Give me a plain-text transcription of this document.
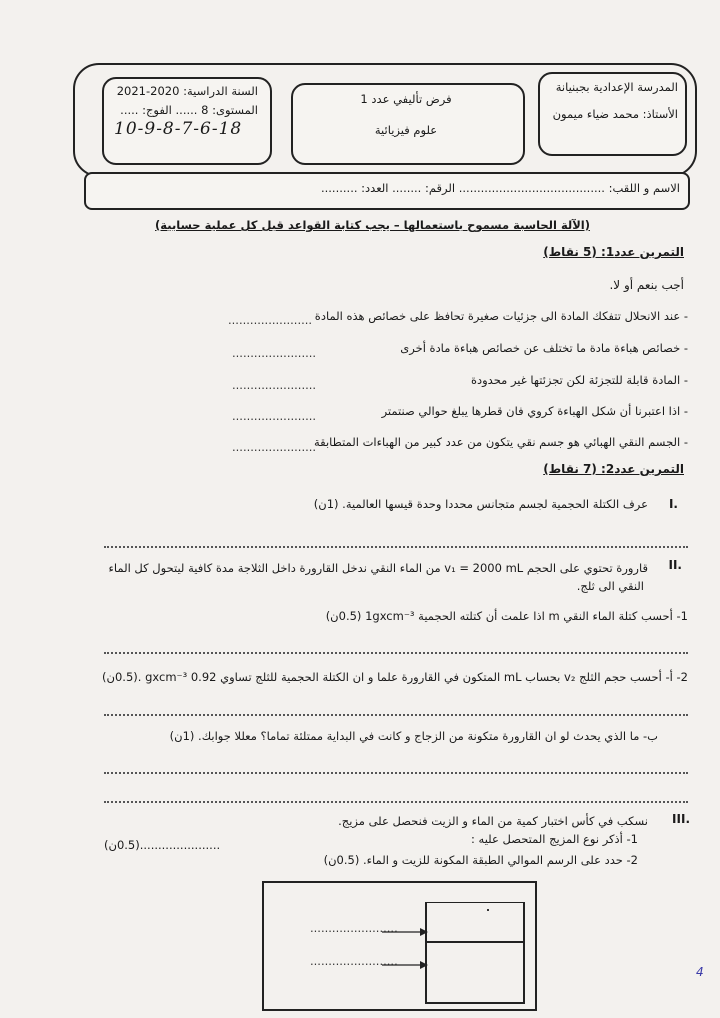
المدرسة الإعدادية بجبنيانة
الأستاذ: محمد ضياء ميمون
فرض تأليفي عدد 1
علوم فيزيائية
السنة الدراسية: 2020-2021
المستوى: 8 ...... الفوج: .....
10-9-8-7-6-18
الاسم و اللقب: ........................................ الرقم: ........ العدد: ..........
(الآلة الحاسبة مسموح باستعمالها – يجب كتابة القواعد قبل كل عملية حسابية)
التمرين عدد1: (5 نقاط)
أجب بنعم أو لا.
- عند الانحلال تتفكك المادة الى جزئيات صغيرة تحافظ على خصائص هذه المادة
.......................
- خصائص هباءة مادة ما تختلف عن خصائص هباءة مادة أخرى
.......................
- المادة قابلة للتجزئة لكن تجزئتها غير محدودة
.......................
- اذا اعتبرنا أن شكل الهباءة كروي فان قطرها يبلغ حوالي صنتمتر
.......................
- الجسم النقي الهبائي هو جسم نقي يتكون من عدد كبير من الهباءات المتطابقة
.......................
التمرين عدد2: (7 نقاط)
I.
عرف الكتلة الحجمية لجسم متجانس محددا وحدة قيسها العالمية. (1ن)
II.
قارورة تحتوي على الحجم v₁ = 2000 mL من الماء النقي ندخل القارورة داخل الثلاجة مدة كافية ليتحول كل الماء
النقي الى ثلج.
1- أحسب كتلة الماء النقي m اذا علمت أن كتلته الحجمية 1gxcm⁻³ (0.5ن)
2- أ- أحسب حجم الثلج v₂ بحساب mL المتكون في القارورة علما و ان الكتلة الحجمية للثلج تساوي 0.92 gxcm⁻³ .(0.5ن)
ب- ما الذي يحدث لو ان القارورة متكونة من الزجاج و كانت في البداية ممتلئة تماما؟ معللا جوابك. (1ن)
III.
نسكب في كأس اختبار كمية من الماء و الزيت فنحصل على مزيج.
1- أذكر نوع المزيج المتحصل عليه :
......................(0.5ن)
2- حدد على الرسم الموالي الطبقة المكونة للزيت و الماء. (0.5ن)
........................
........................
4
